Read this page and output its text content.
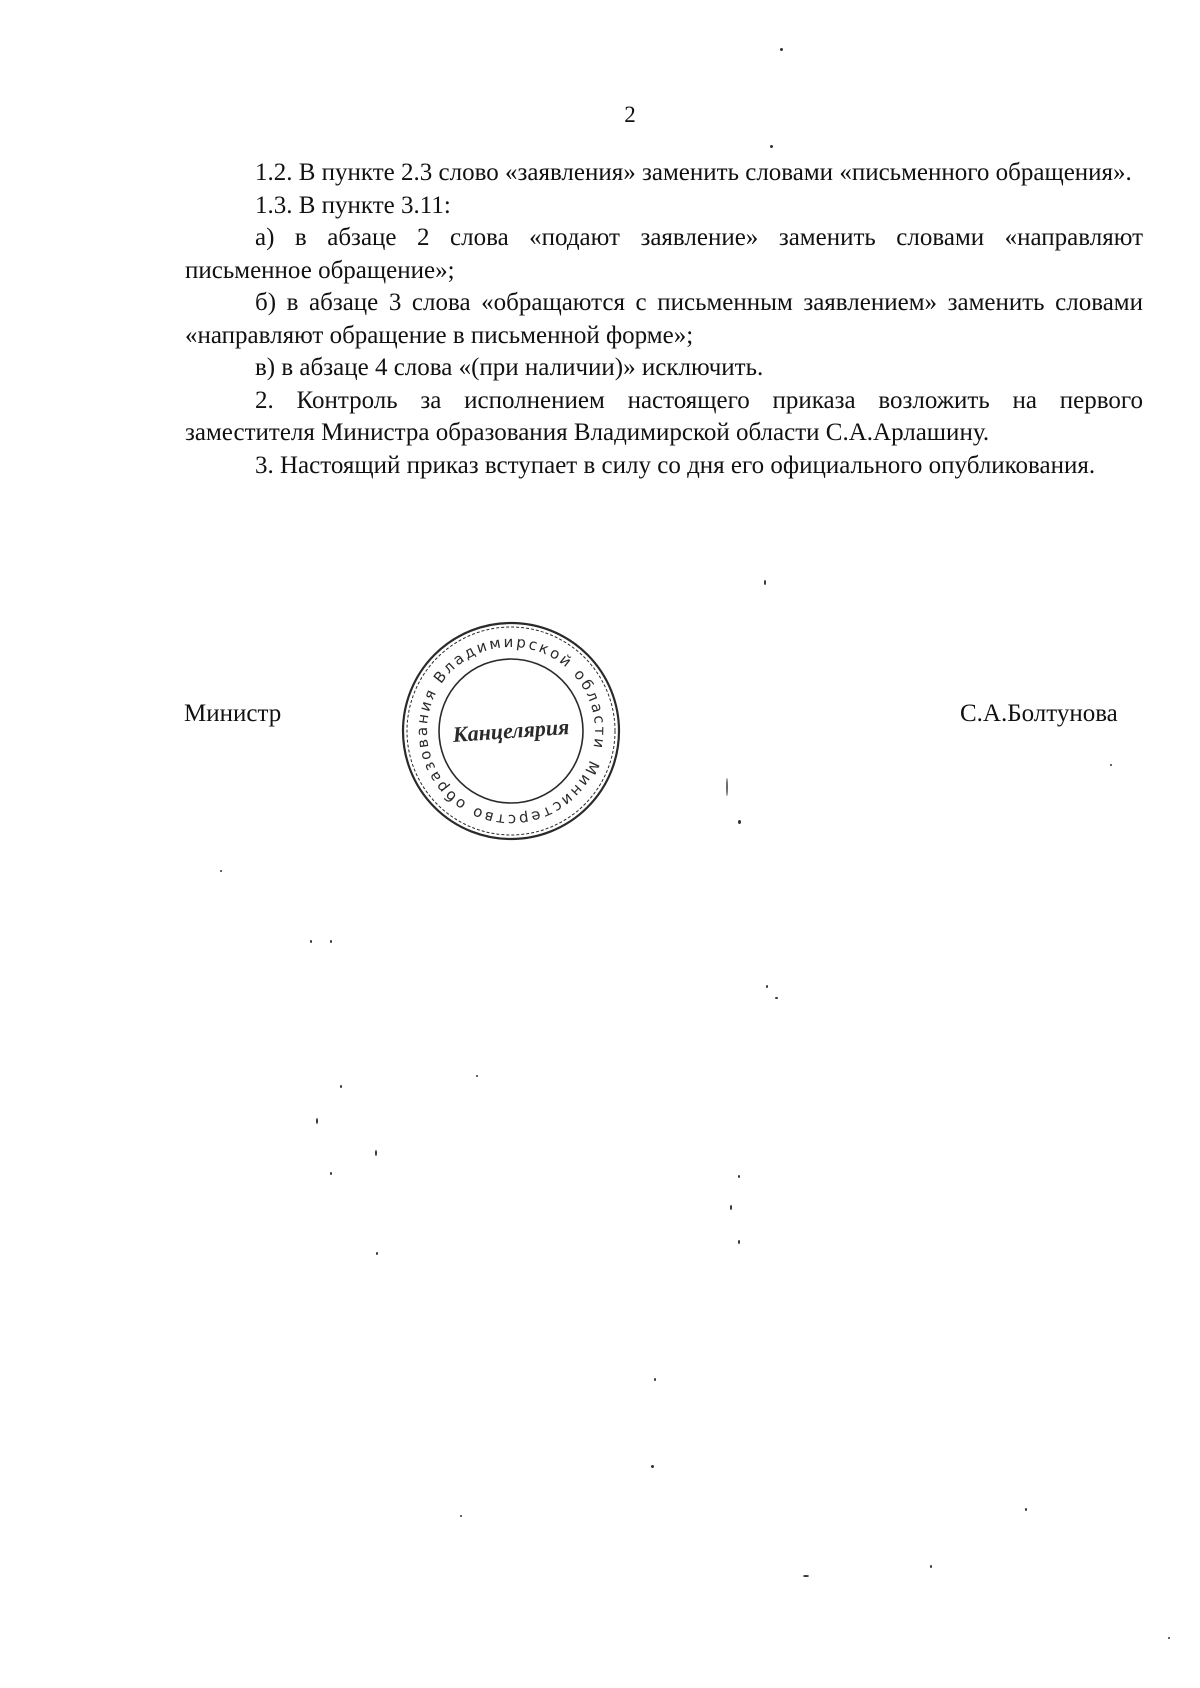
2

1.2. В пункте 2.3 слово «заявления» заменить словами «письменного обращения».

1.3. В пункте 3.11:

а) в абзаце 2 слова «подают заявление» заменить словами «направляют письменное обращение»;

б) в абзаце 3 слова «обращаются с письменным заявлением» заменить словами «направляют обращение в письменной форме»;

в) в абзаце 4 слова «(при наличии)» исключить.

2. Контроль за исполнением настоящего приказа возложить на первого заместителя Министра образования Владимирской области С.А.Арлашину.

3. Настоящий приказ вступает в силу со дня его официального опубликования.

Министр	С.А.Болтунова
Министерство образования Владимирской области
Канцелярия
